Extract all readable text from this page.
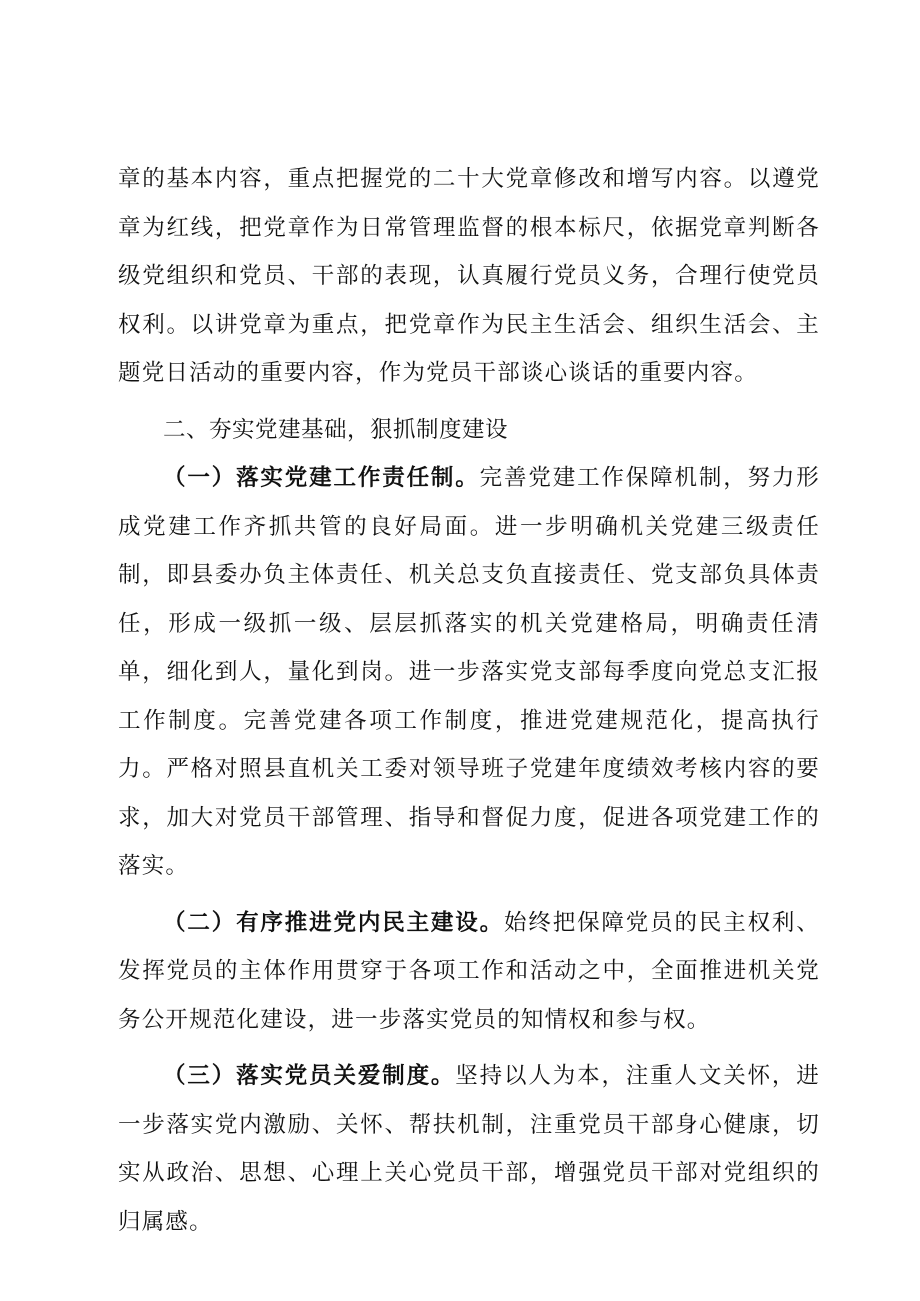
章的基本内容，重点把握党的二十大党章修改和增写内容。以遵党章为红线，把党章作为日常管理监督的根本标尺，依据党章判断各级党组织和党员、干部的表现，认真履行党员义务，合理行使党员权利。以讲党章为重点，把党章作为民主生活会、组织生活会、主题党日活动的重要内容，作为党员干部谈心谈话的重要内容。

二、夯实党建基础，狠抓制度建设

（一）落实党建工作责任制。完善党建工作保障机制，努力形成党建工作齐抓共管的良好局面。进一步明确机关党建三级责任制，即县委办负主体责任、机关总支负直接责任、党支部负具体责任，形成一级抓一级、层层抓落实的机关党建格局，明确责任清单，细化到人，量化到岗。进一步落实党支部每季度向党总支汇报工作制度。完善党建各项工作制度，推进党建规范化，提高执行力。严格对照县直机关工委对领导班子党建年度绩效考核内容的要求，加大对党员干部管理、指导和督促力度，促进各项党建工作的落实。

（二）有序推进党内民主建设。始终把保障党员的民主权利、发挥党员的主体作用贯穿于各项工作和活动之中，全面推进机关党务公开规范化建设，进一步落实党员的知情权和参与权。

（三）落实党员关爱制度。坚持以人为本，注重人文关怀，进一步落实党内激励、关怀、帮扶机制，注重党员干部身心健康，切实从政治、思想、心理上关心党员干部，增强党员干部对党组织的归属感。
